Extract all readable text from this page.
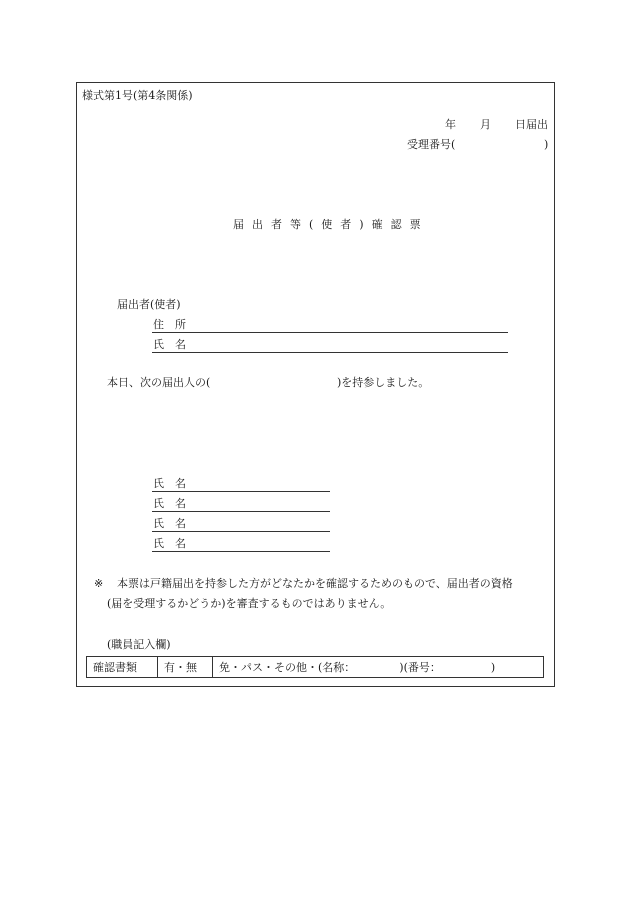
様式第1号(第4条関係)
年 月 日届出
受理番号(	)
届出者等(使者)確認票
届出者(使者)
住　所
氏　名
本日、次の届出人の(	)を持参しました。
氏　名
氏　名
氏　名
氏　名
※ 本票は戸籍届出を持参した方がどなたかを確認するためのもので、届出者の資格
(届を受理するかどうか)を審査するものではありません。
(職員記入欄)
確認書類	有・無	免・パス・その他・(名称：	)(番号：	)
